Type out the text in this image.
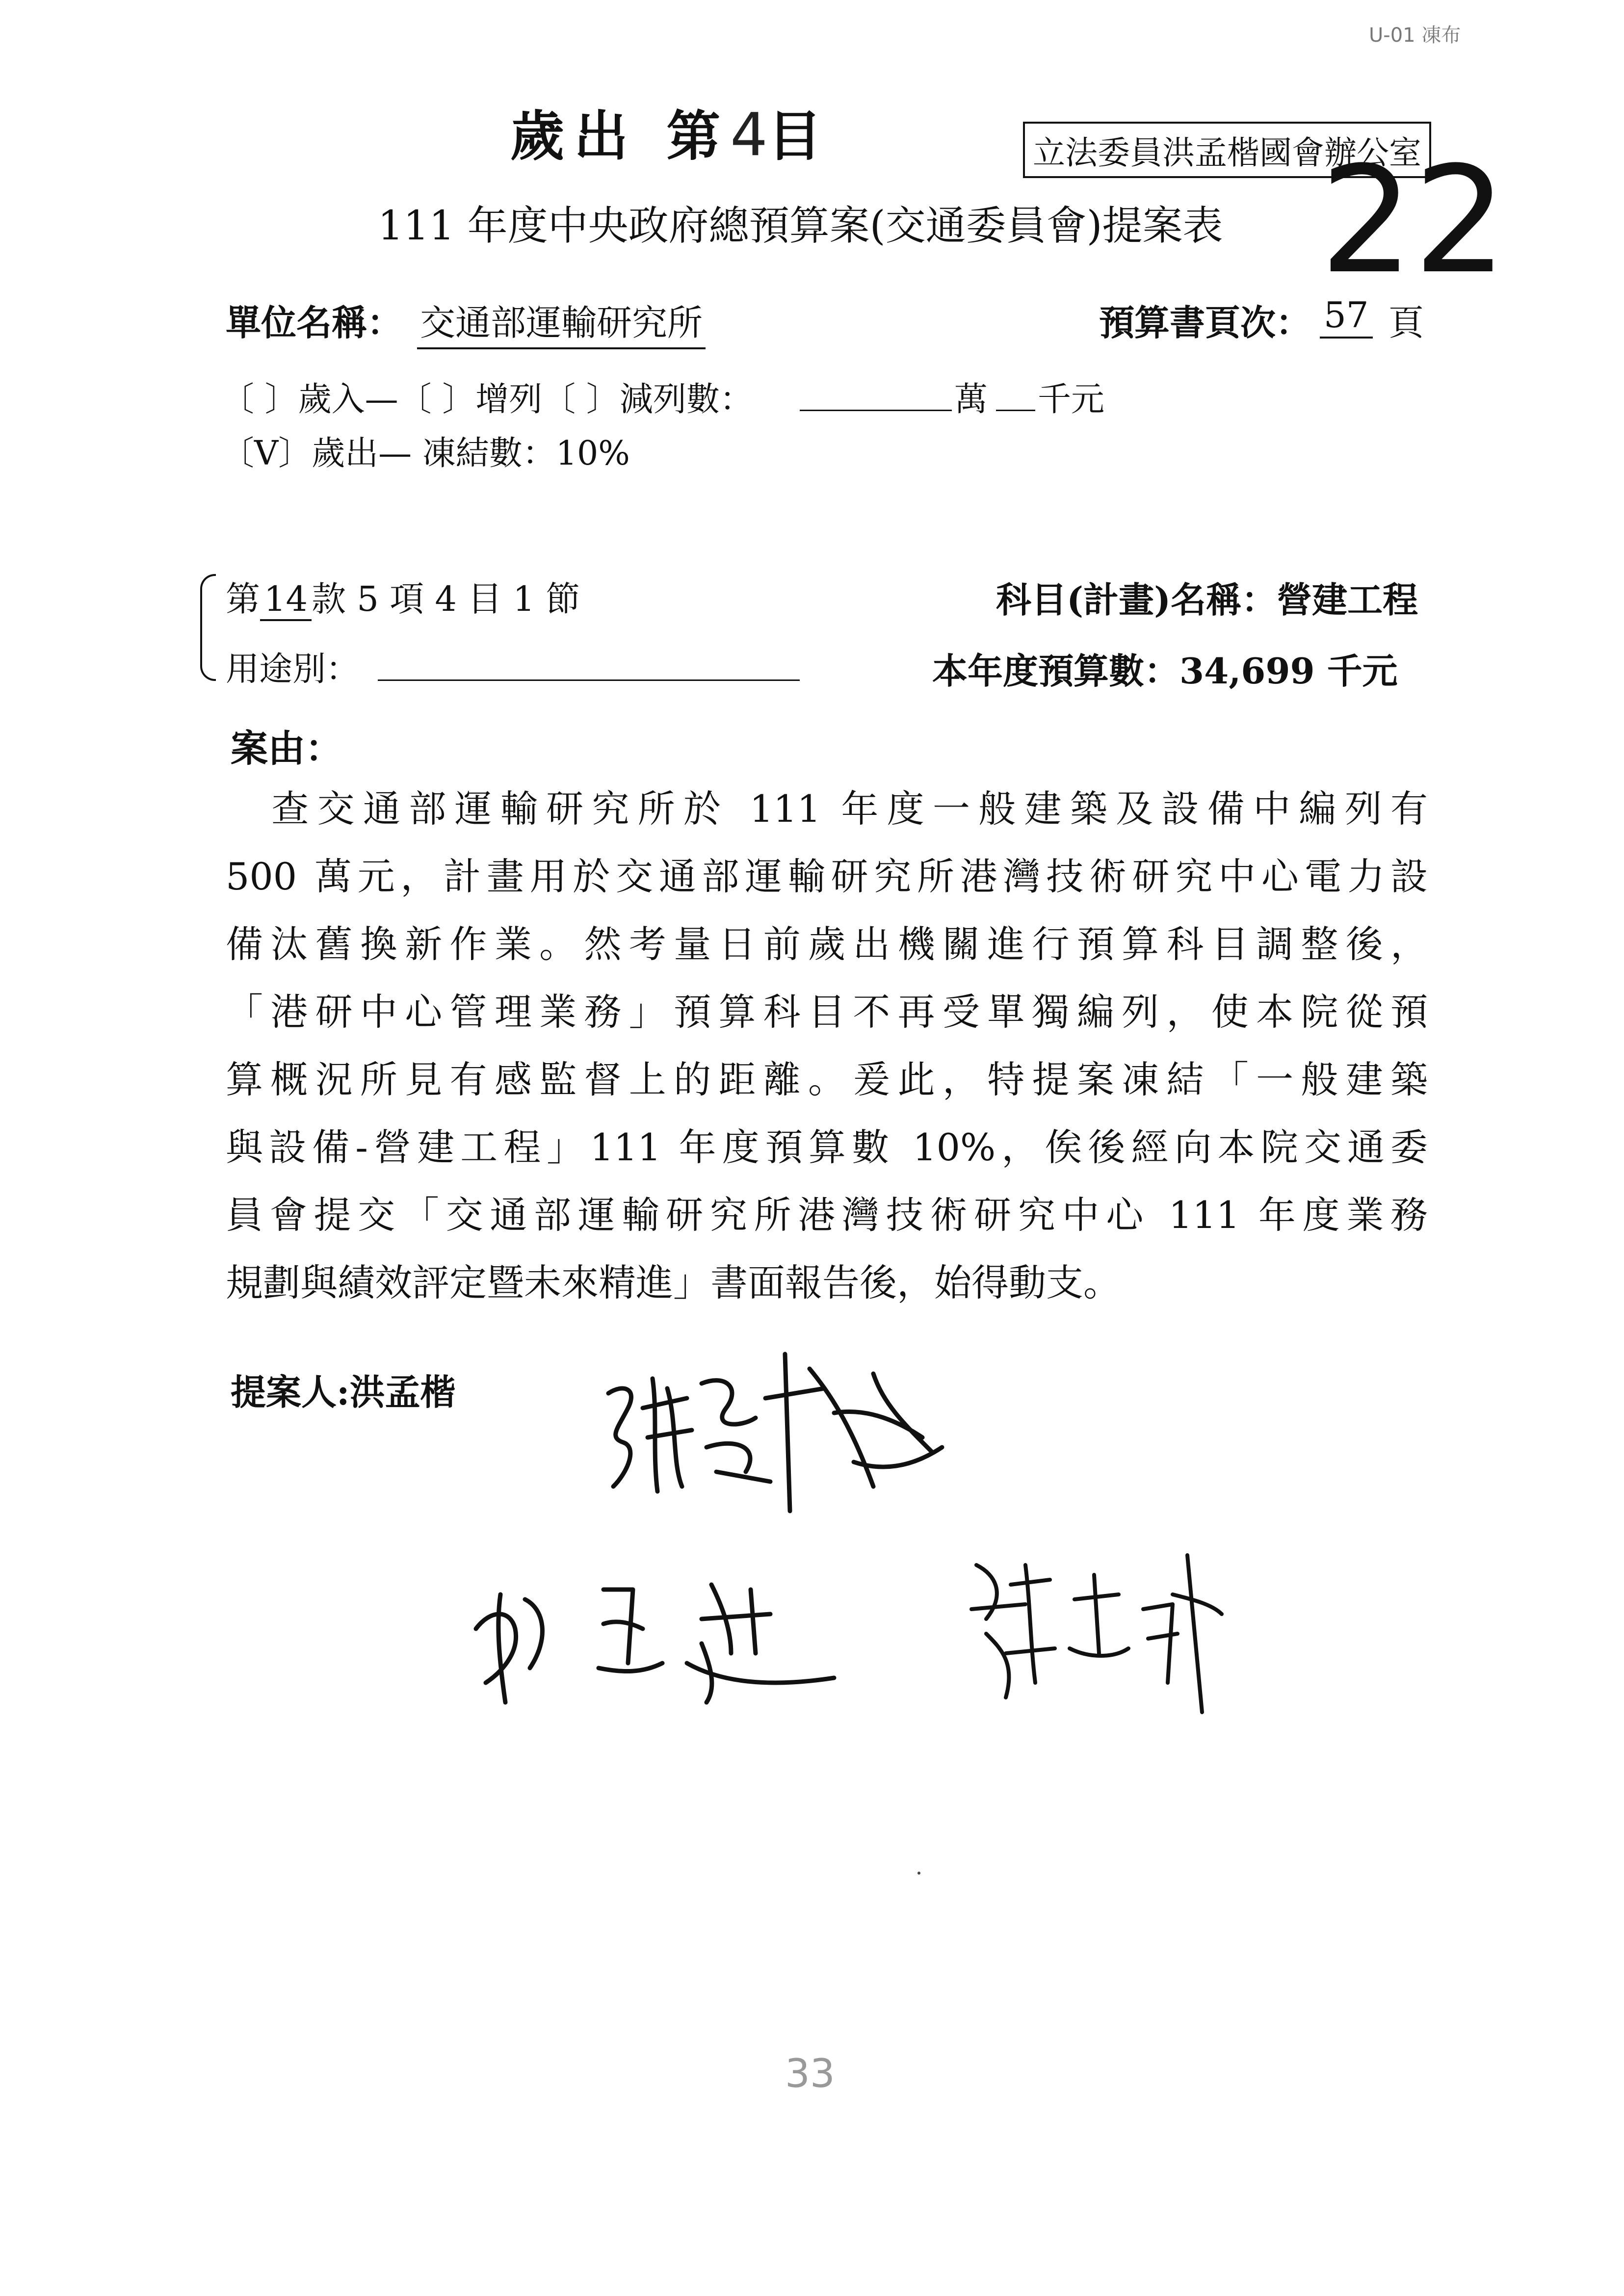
U-01 凍布
歲出 第4目	立法委員洪孟楷國會辦公室
111 年度中央政府總預算案(交通委員會)提案表 22
單位名稱： 交通部運輸研究所	預算書頁次： 57 頁
〔 〕歲入—〔 〕增列〔 〕減列數：	萬 千元
〔V〕歲出— 凍結數：10%
第 14 款 5 項 4 目 1 節	科目(計畫)名稱：營建工程
用途別：	本年度預算數：34,699 千元
案由：
　查交通部運輸研究所於 111 年度一般建築及設備中編列有
500 萬元，計畫用於交通部運輸研究所港灣技術研究中心電力設
備汰舊換新作業。然考量日前歲出機關進行預算科目調整後，
「港研中心管理業務」預算科目不再受單獨編列，使本院從預
算概況所見有感監督上的距離。爰此，特提案凍結「一般建築
與設備-營建工程」111 年度預算數 10%，俟後經向本院交通委
員會提交「交通部運輸研究所港灣技術研究中心 111 年度業務
規劃與績效評定暨未來精進」書面報告後，始得動支。
提案人:洪孟楷
33
